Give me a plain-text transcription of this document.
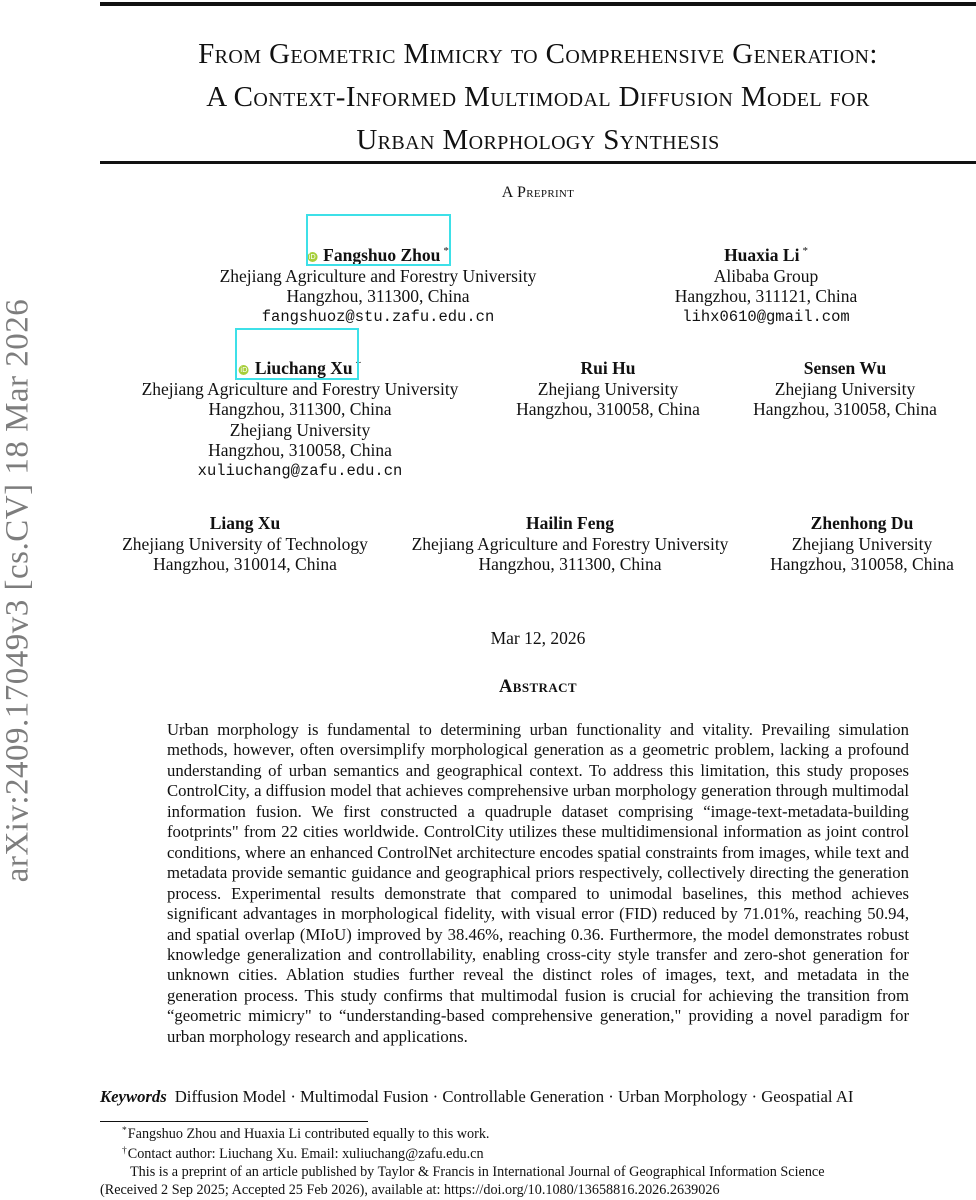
arXiv:2409.17049v3 [cs.CV] 18 Mar 2026
From Geometric Mimicry to Comprehensive Generation:
A Context-Informed Multimodal Diffusion Model for
Urban Morphology Synthesis
A Preprint
iD Fangshuo Zhou *
Zhejiang Agriculture and Forestry University
Hangzhou, 311300, China
fangshuoz@stu.zafu.edu.cn
Huaxia Li *
Alibaba Group
Hangzhou, 311121, China
lihx0610@gmail.com
iD Liuchang Xu †
Zhejiang Agriculture and Forestry University
Hangzhou, 311300, China
Zhejiang University
Hangzhou, 310058, China
xuliuchang@zafu.edu.cn
Rui Hu
Zhejiang University
Hangzhou, 310058, China
Sensen Wu
Zhejiang University
Hangzhou, 310058, China
Liang Xu
Zhejiang University of Technology
Hangzhou, 310014, China
Hailin Feng
Zhejiang Agriculture and Forestry University
Hangzhou, 311300, China
Zhenhong Du
Zhejiang University
Hangzhou, 310058, China
Mar 12, 2026
Abstract
Urban morphology is fundamental to determining urban functionality and vitality. Prevailing simulation methods, however, often oversimplify morphological generation as a geometric problem, lacking a profound understanding of urban semantics and geographical context. To address this limitation, this study proposes ControlCity, a diffusion model that achieves comprehensive urban morphology generation through multimodal information fusion. We first constructed a quadruple dataset comprising “image-text-metadata-building footprints" from 22 cities worldwide. ControlCity utilizes these multidimensional information as joint control conditions, where an enhanced ControlNet architecture encodes spatial constraints from images, while text and metadata provide semantic guidance and geographical priors respectively, collectively directing the generation process. Experimental results demonstrate that compared to unimodal baselines, this method achieves significant advantages in morphological fidelity, with visual error (FID) reduced by 71.01%, reaching 50.94, and spatial overlap (MIoU) improved by 38.46%, reaching 0.36. Furthermore, the model demonstrates robust knowledge generalization and controllability, enabling cross-city style transfer and zero-shot generation for unknown cities. Ablation studies further reveal the distinct roles of images, text, and metadata in the generation process. This study confirms that multimodal fusion is crucial for achieving the transition from “geometric mimicry" to “understanding-based comprehensive generation," providing a novel paradigm for urban morphology research and applications.
Keywords Diffusion Model · Multimodal Fusion · Controllable Generation · Urban Morphology · Geospatial AI
*Fangshuo Zhou and Huaxia Li contributed equally to this work.
†Contact author: Liuchang Xu. Email: xuliuchang@zafu.edu.cn
This is a preprint of an article published by Taylor & Francis in International Journal of Geographical Information Science
(Received 2 Sep 2025; Accepted 25 Feb 2026), available at: https://doi.org/10.1080/13658816.2026.2639026
